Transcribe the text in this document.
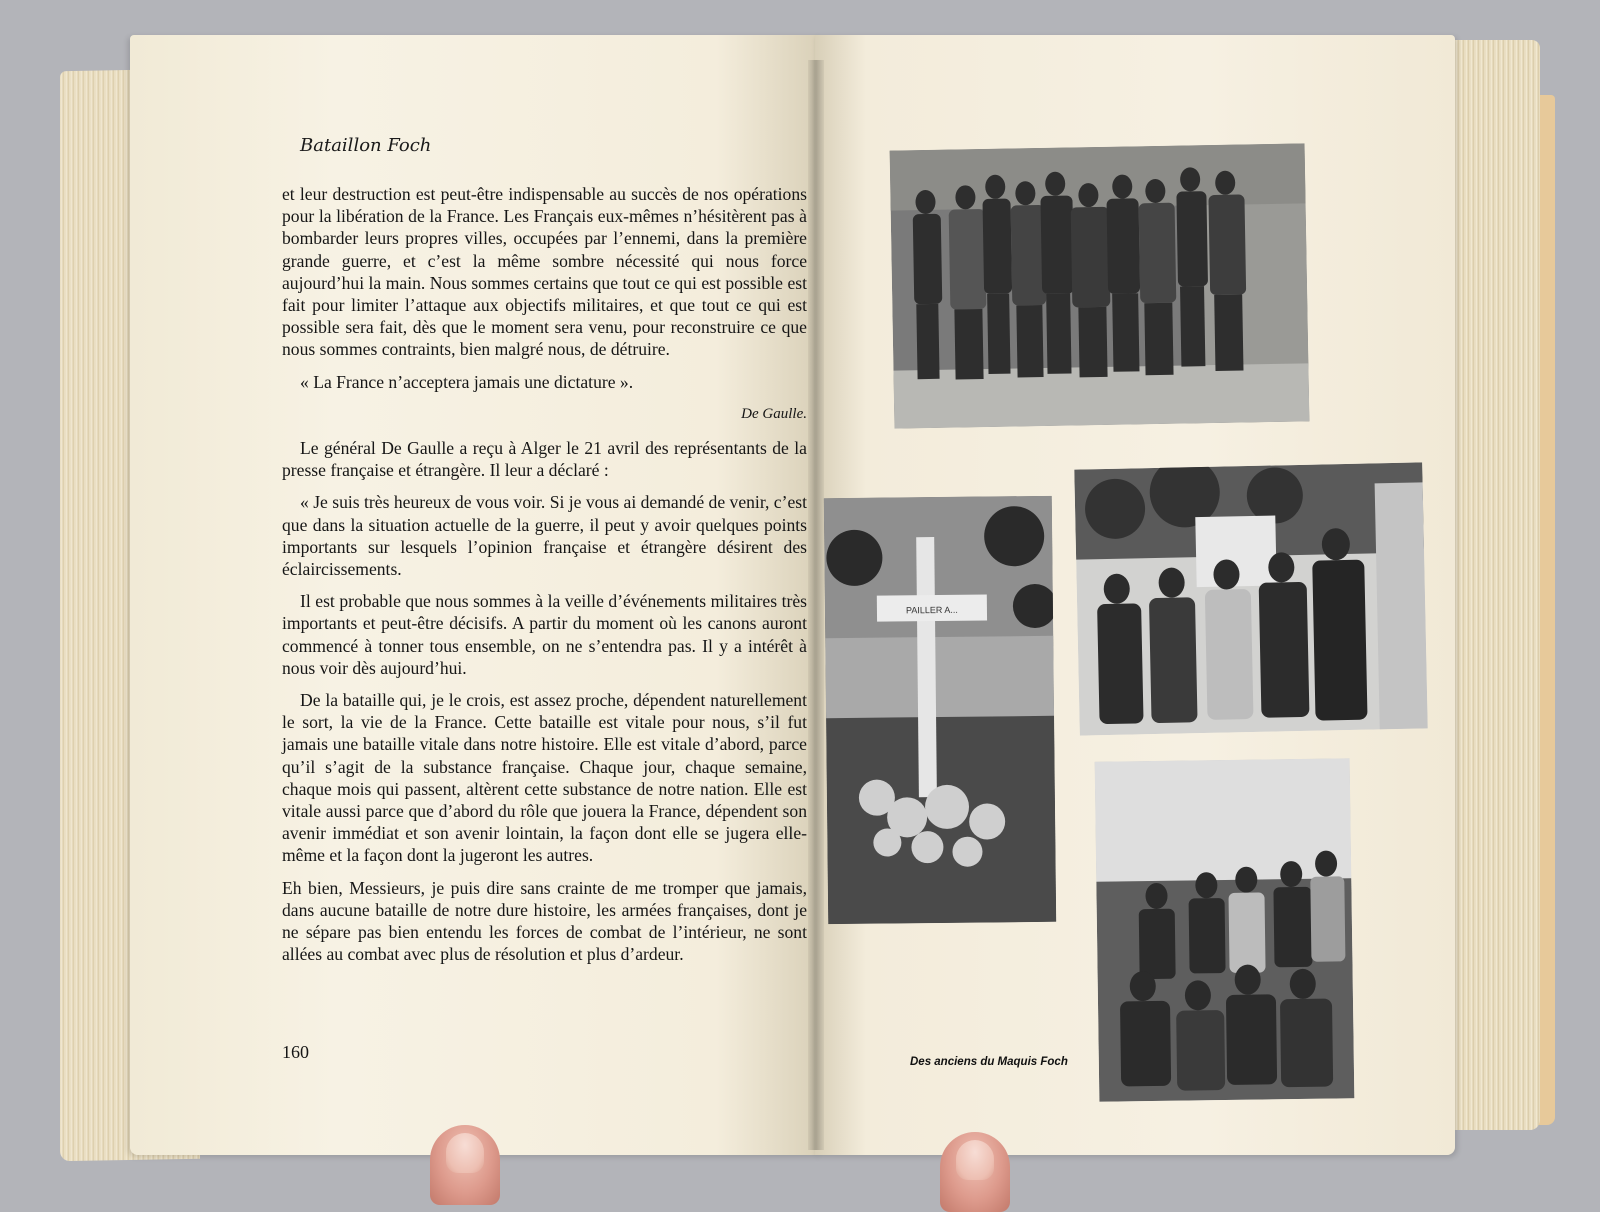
Bataillon Foch

et leur destruction est peut-être indispensable au succès de nos opérations pour la libération de la France. Les Français eux-mêmes n’hésitèrent pas à bombarder leurs propres villes, occupées par l’ennemi, dans la première grande guerre, et c’est la même sombre nécessité qui nous force aujourd’hui la main. Nous sommes certains que tout ce qui est possible est fait pour limiter l’attaque aux objectifs militaires, et que tout ce qui est possible sera fait, dès que le moment sera venu, pour reconstruire ce que nous sommes contraints, bien malgré nous, de détruire.

« La France n’acceptera jamais une dictature ».

De Gaulle.

Le général De Gaulle a reçu à Alger le 21 avril des représentants de la presse française et étrangère. Il leur a déclaré :

« Je suis très heureux de vous voir. Si je vous ai demandé de venir, c’est que dans la situation actuelle de la guerre, il peut y avoir quelques points importants sur lesquels l’opinion française et étrangère désirent des éclaircissements.

Il est probable que nous sommes à la veille d’événements militaires très importants et peut-être décisifs. A partir du moment où les canons auront commencé à tonner tous ensemble, on ne s’entendra pas. Il y a intérêt à nous voir dès aujourd’hui.

De la bataille qui, je le crois, est assez proche, dépendent naturellement le sort, la vie de la France. Cette bataille est vitale pour nous, s’il fut jamais une bataille vitale dans notre histoire. Elle est vitale d’abord, parce qu’il s’agit de la substance française. Chaque jour, chaque semaine, chaque mois qui passent, altèrent cette substance de notre nation. Elle est vitale aussi parce que d’abord du rôle que jouera la France, dépendent son avenir immédiat et son avenir lointain, la façon dont elle se jugera elle-même et la façon dont la jugeront les autres.

Eh bien, Messieurs, je puis dire sans crainte de me tromper que jamais, dans aucune bataille de notre dure histoire, les armées françaises, dont je ne sépare pas bien entendu les forces de combat de l’intérieur, ne sont allées au combat avec plus de résolution et plus d’ardeur.

160
PAILLER A...
Des anciens du Maquis Foch
